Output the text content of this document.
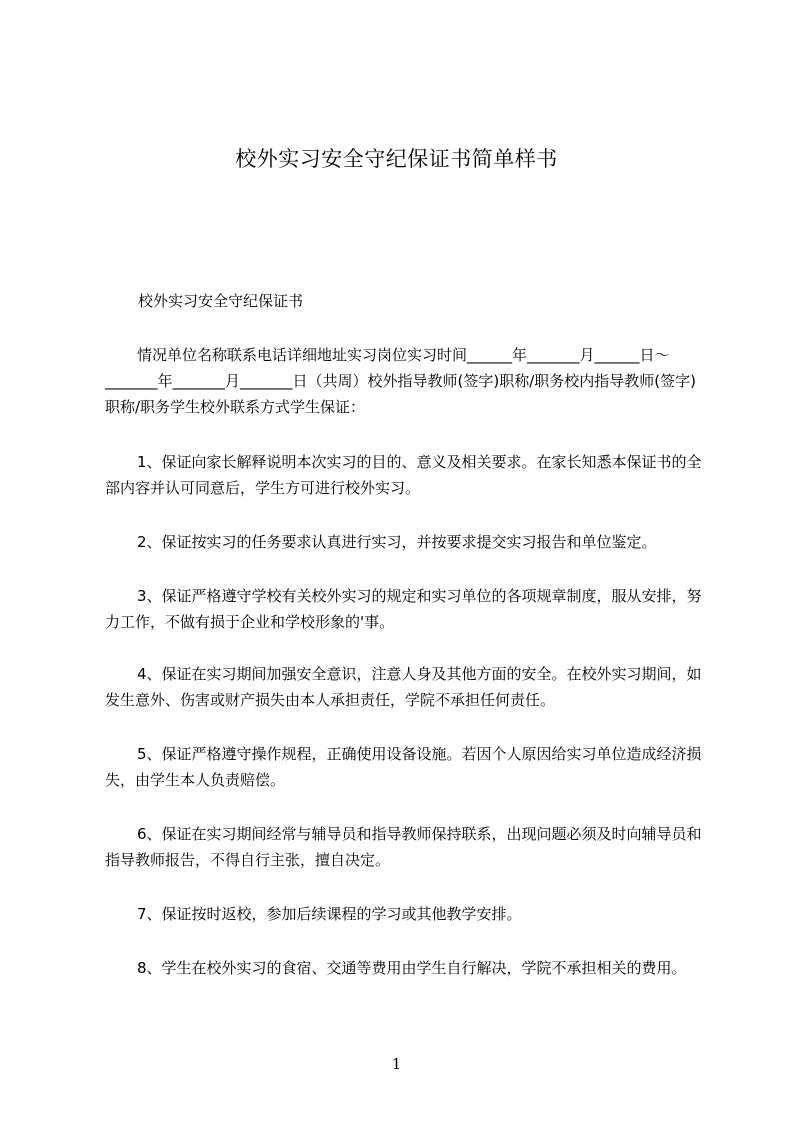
校外实习安全守纪保证书简单样书
校外实习安全守纪保证书
情况单位名称联系电话详细地址实习岗位实习时间______年_______月______日～_______年_______月_______日（共周）校外指导教师(签字)职称/职务校内指导教师(签字)职称/职务学生校外联系方式学生保证：
1、保证向家长解释说明本次实习的目的、意义及相关要求。在家长知悉本保证书的全部内容并认可同意后，学生方可进行校外实习。
2、保证按实习的任务要求认真进行实习，并按要求提交实习报告和单位鉴定。
3、保证严格遵守学校有关校外实习的规定和实习单位的各项规章制度，服从安排，努力工作，不做有损于企业和学校形象的'事。
4、保证在实习期间加强安全意识，注意人身及其他方面的安全。在校外实习期间，如发生意外、伤害或财产损失由本人承担责任，学院不承担任何责任。
5、保证严格遵守操作规程，正确使用设备设施。若因个人原因给实习单位造成经济损失，由学生本人负责赔偿。
6、保证在实习期间经常与辅导员和指导教师保持联系，出现问题必须及时向辅导员和指导教师报告，不得自行主张，擅自决定。
7、保证按时返校，参加后续课程的学习或其他教学安排。
8、学生在校外实习的食宿、交通等费用由学生自行解决，学院不承担相关的费用。
1
